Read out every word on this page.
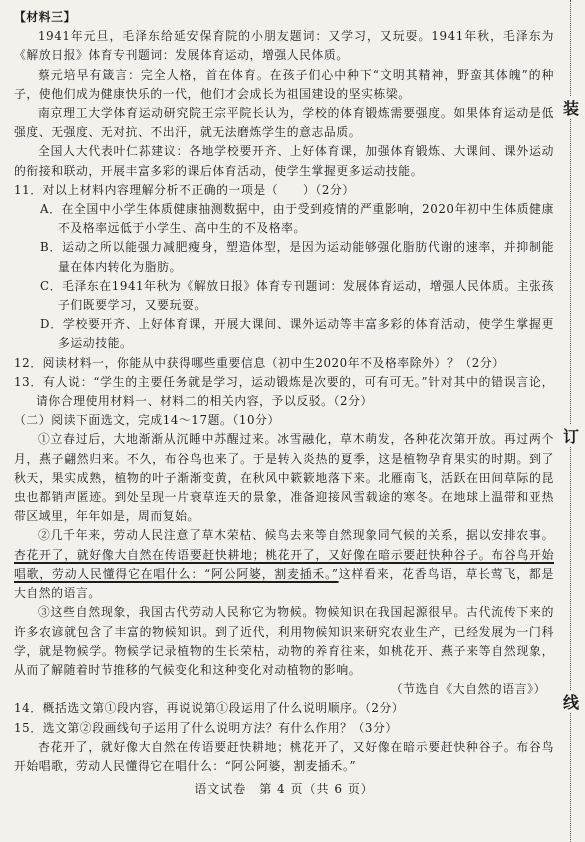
【材料三】

1941年元旦，毛泽东给延安保育院的小朋友题词：又学习，又玩耍。1941年秋，毛泽东为《解放日报》体育专刊题词：发展体育运动，增强人民体质。

蔡元培早有箴言：完全人格，首在体育。在孩子们心中种下“文明其精神，野蛮其体魄”的种子，使他们成为健康快乐的一代，他们才会成长为祖国建设的坚实栋梁。

南京理工大学体育运动研究院王宗平院长认为，学校的体育锻炼需要强度。如果体育运动是低强度、无强度、无对抗、不出汗，就无法磨炼学生的意志品质。

全国人大代表叶仁荪建议：各地学校要开齐、上好体育课，加强体育锻炼、大课间、课外运动的衔接和联动，开展丰富多彩的课后体育活动，使学生掌握更多运动技能。

11．对以上材料内容理解分析不正确的一项是（　　）（2分）

A．在全国中小学生体质健康抽测数据中，由于受到疫情的严重影响，2020年初中生体质健康不及格率远低于小学生、高中生的不及格率。

B．运动之所以能强力减肥瘦身，塑造体型，是因为运动能够强化脂肪代谢的速率，并抑制能量在体内转化为脂肪。

C．毛泽东在1941年秋为《解放日报》体育专刊题词：发展体育运动，增强人民体质。主张孩子们既要学习，又要玩耍。

D．学校要开齐、上好体育课，开展大课间、课外运动等丰富多彩的体育活动，使学生掌握更多运动技能。

12．阅读材料一，你能从中获得哪些重要信息（初中生2020年不及格率除外）？（2分）

13．有人说：“学生的主要任务就是学习，运动锻炼是次要的，可有可无。”针对其中的错误言论，请你合理使用材料一、材料二的相关内容，予以反驳。（2分）

（二）阅读下面选文，完成14～17题。（10分）

①立春过后，大地渐渐从沉睡中苏醒过来。冰雪融化，草木萌发，各种花次第开放。再过两个月，燕子翩然归来。不久，布谷鸟也来了。于是转入炎热的夏季，这是植物孕育果实的时期。到了秋天，果实成熟，植物的叶子渐渐变黄，在秋风中簌簌地落下来。北雁南飞，活跃在田间草际的昆虫也都销声匿迹。到处呈现一片衰草连天的景象，准备迎接风雪载途的寒冬。在地球上温带和亚热带区域里，年年如是，周而复始。

②几千年来，劳动人民注意了草木荣枯、候鸟去来等自然现象同气候的关系，据以安排农事。杏花开了，就好像大自然在传语要赶快耕地；桃花开了，又好像在暗示要赶快种谷子。布谷鸟开始唱歌，劳动人民懂得它在唱什么：“阿公阿婆，割麦插禾。”这样看来，花香鸟语，草长莺飞，都是大自然的语言。

③这些自然现象，我国古代劳动人民称它为物候。物候知识在我国起源很早。古代流传下来的许多农谚就包含了丰富的物候知识。到了近代，利用物候知识来研究农业生产，已经发展为一门科学，就是物候学。物候学记录植物的生长荣枯，动物的养育往来，如桃花开、燕子来等自然现象，从而了解随着时节推移的气候变化和这种变化对动植物的影响。

（节选自《大自然的语言》）

14．概括选文第①段内容，再说说第①段运用了什么说明顺序。（2分）

15．选文第②段画线句子运用了什么说明方法？有什么作用？（3分）

杏花开了，就好像大自然在传语要赶快耕地；桃花开了，又好像在暗示要赶快种谷子。布谷鸟开始唱歌，劳动人民懂得它在唱什么：“阿公阿婆，割麦插禾。”

语文试卷　第 4 页（共 6 页）

装
订
线
